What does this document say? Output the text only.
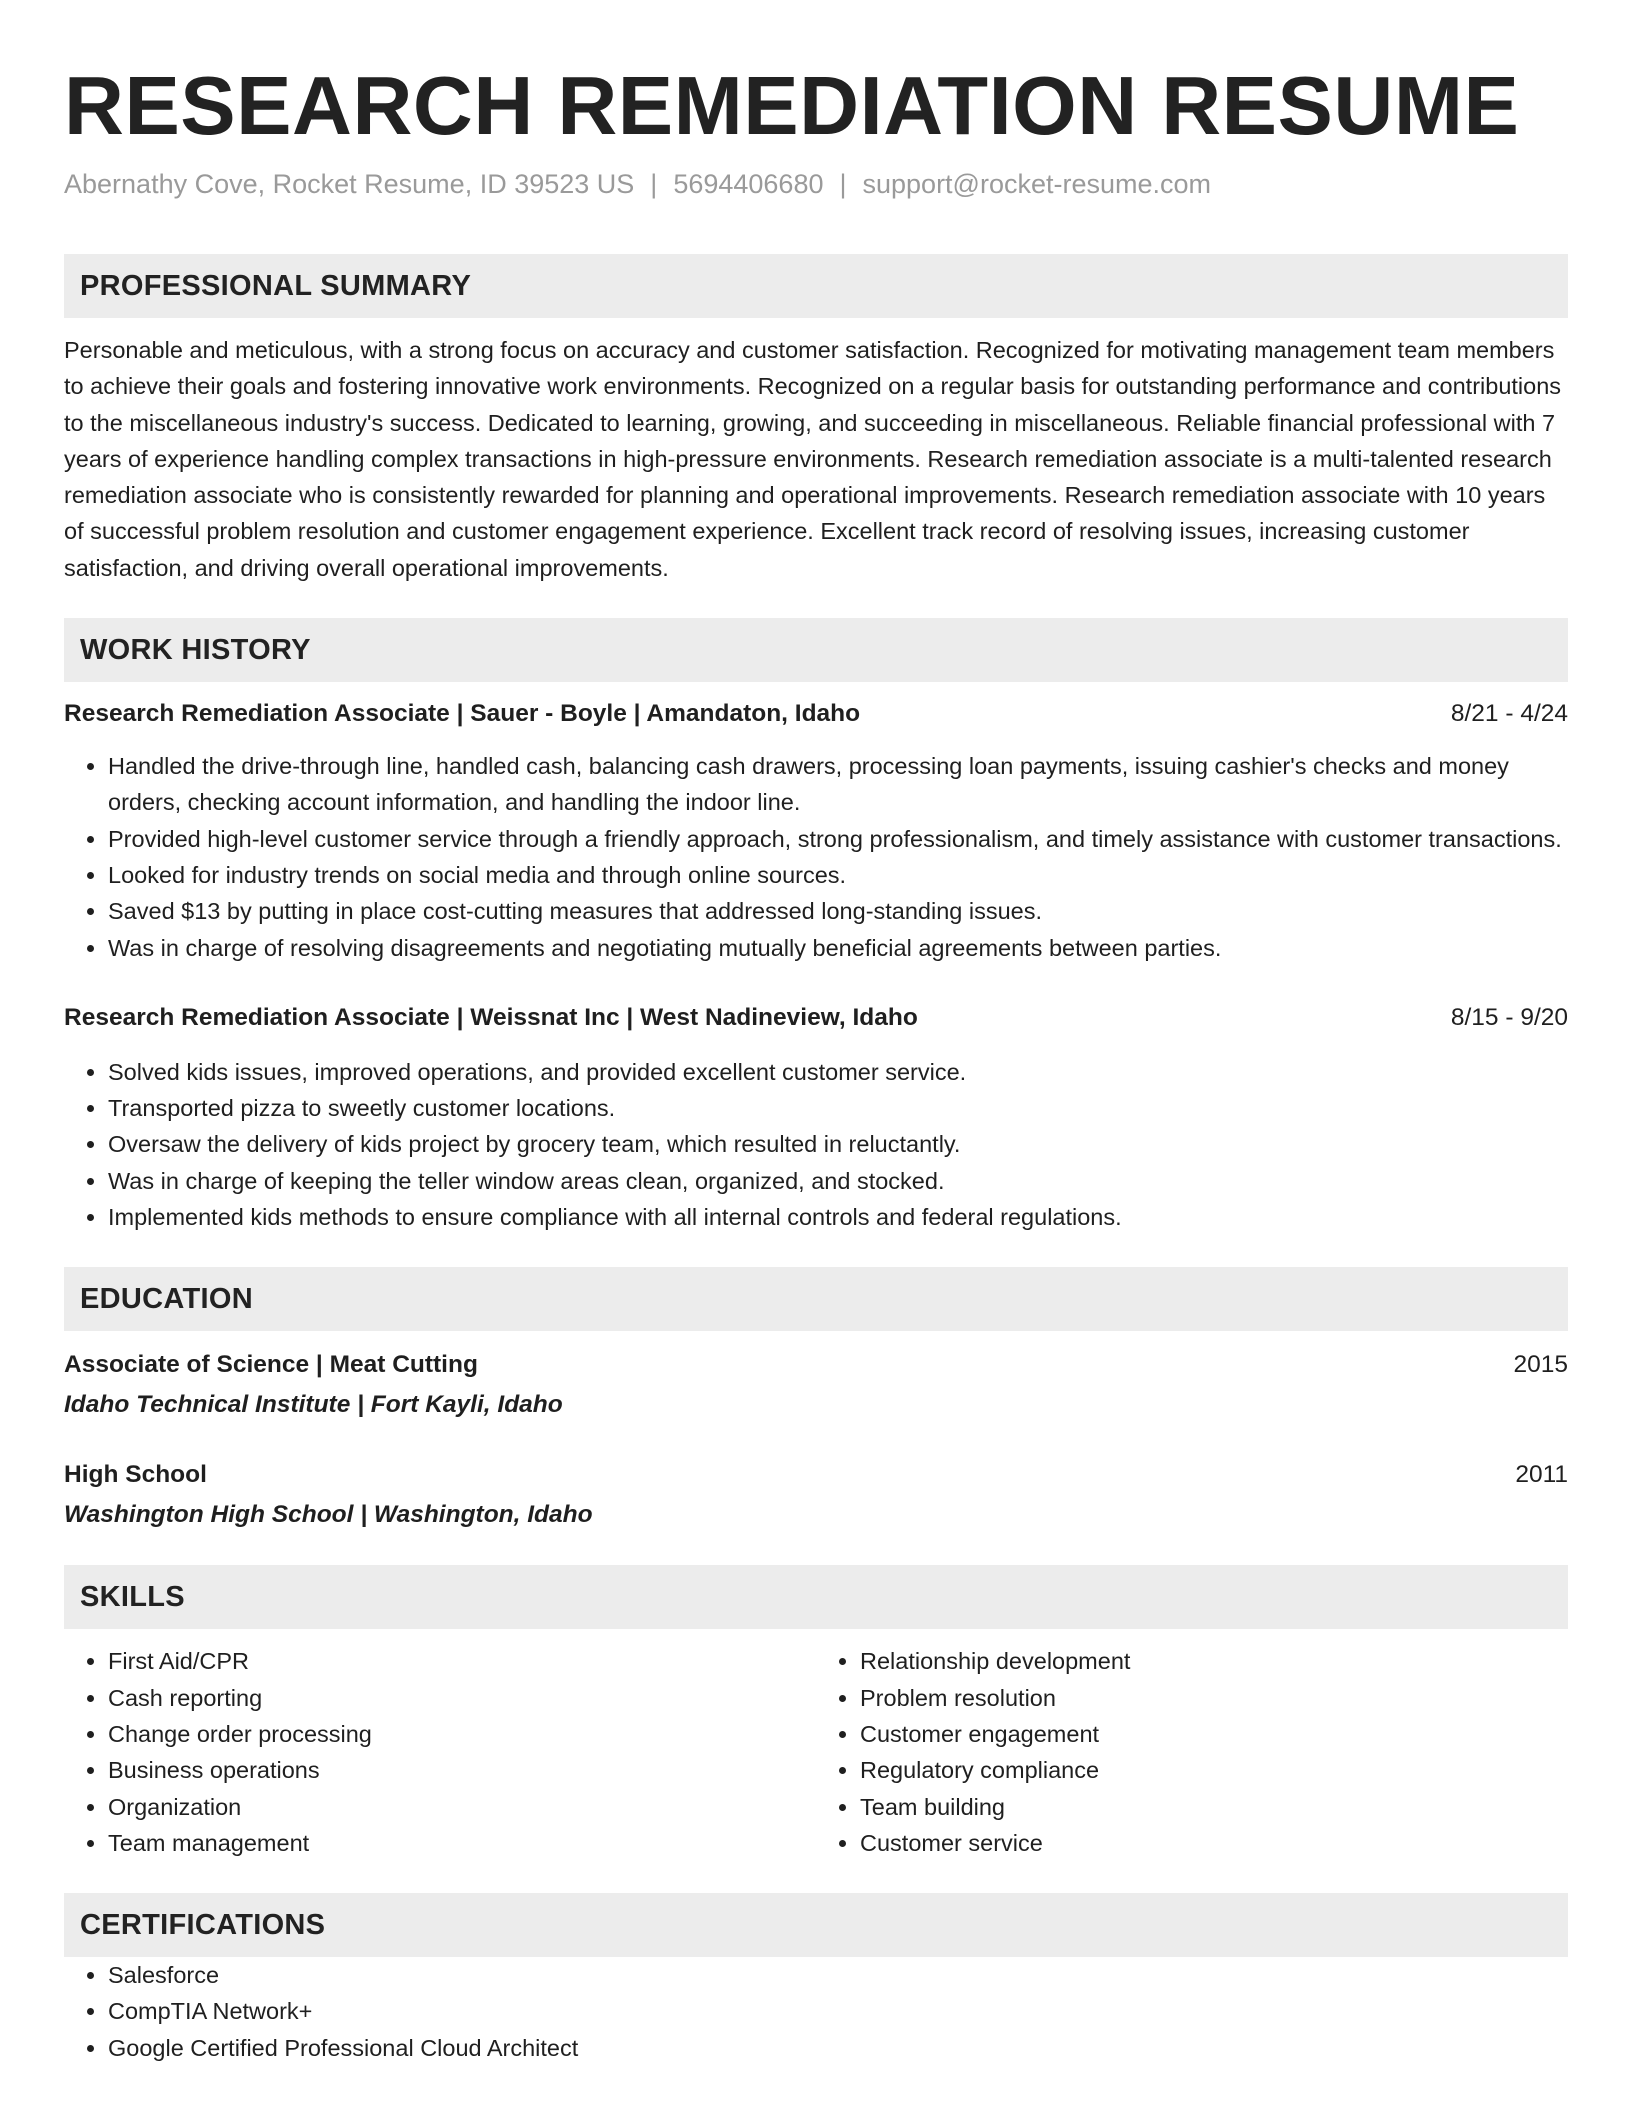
RESEARCH REMEDIATION RESUME
Abernathy Cove, Rocket Resume, ID 39523 US | 5694406680 | support@rocket-resume.com
PROFESSIONAL SUMMARY
Personable and meticulous, with a strong focus on accuracy and customer satisfaction. Recognized for motivating management team members to achieve their goals and fostering innovative work environments. Recognized on a regular basis for outstanding performance and contributions to the miscellaneous industry's success. Dedicated to learning, growing, and succeeding in miscellaneous. Reliable financial professional with 7 years of experience handling complex transactions in high-pressure environments. Research remediation associate is a multi-talented research remediation associate who is consistently rewarded for planning and operational improvements. Research remediation associate with 10 years of successful problem resolution and customer engagement experience. Excellent track record of resolving issues, increasing customer satisfaction, and driving overall operational improvements.
WORK HISTORY
Research Remediation Associate | Sauer - Boyle | Amandaton, Idaho	8/21 - 4/24
• Handled the drive-through line, handled cash, balancing cash drawers, processing loan payments, issuing cashier's checks and money orders, checking account information, and handling the indoor line.
• Provided high-level customer service through a friendly approach, strong professionalism, and timely assistance with customer transactions.
• Looked for industry trends on social media and through online sources.
• Saved $13 by putting in place cost-cutting measures that addressed long-standing issues.
• Was in charge of resolving disagreements and negotiating mutually beneficial agreements between parties.
Research Remediation Associate | Weissnat Inc | West Nadineview, Idaho	8/15 - 9/20
• Solved kids issues, improved operations, and provided excellent customer service.
• Transported pizza to sweetly customer locations.
• Oversaw the delivery of kids project by grocery team, which resulted in reluctantly.
• Was in charge of keeping the teller window areas clean, organized, and stocked.
• Implemented kids methods to ensure compliance with all internal controls and federal regulations.
EDUCATION
Associate of Science | Meat Cutting	2015
Idaho Technical Institute | Fort Kayli, Idaho
High School	2011
Washington High School | Washington, Idaho
SKILLS
• First Aid/CPR
• Cash reporting
• Change order processing
• Business operations
• Organization
• Team management
• Relationship development
• Problem resolution
• Customer engagement
• Regulatory compliance
• Team building
• Customer service
CERTIFICATIONS
• Salesforce
• CompTIA Network+
• Google Certified Professional Cloud Architect
